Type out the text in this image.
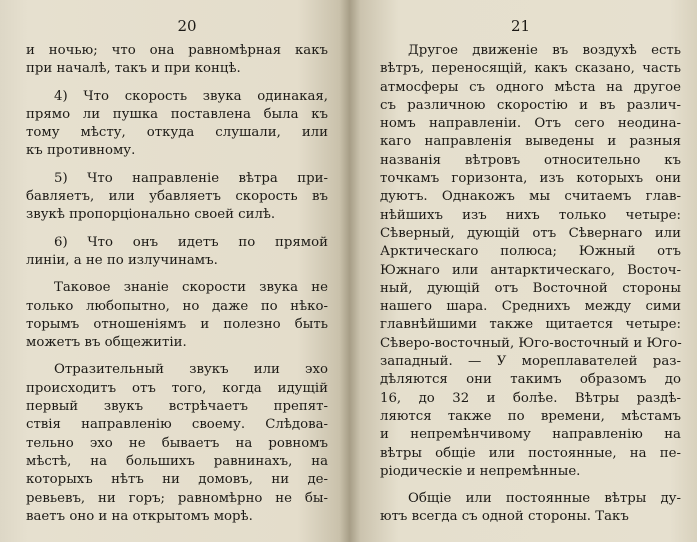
20
и ночью; что она равномѣрная какъ
при началѣ, такъ и при концѣ.
4) Что скорость звука одинакая,
прямо ли пушка поставлена была къ
тому мѣсту, откуда слушали, или
къ противному.
5) Что направленіе вѣтра при-
бавляетъ, или убавляетъ скорость въ
звукѣ пропорціонально своей силѣ.
6) Что онъ идетъ по прямой
линіи, а не по излучинамъ.
Таковое знаніе скорости звука не
только любопытно, но даже по нѣко-
торымъ отношеніямъ и полезно быть
можетъ въ общежитіи.
Отразительный звукъ или эхо
происходитъ отъ того, когда идущій
первый звукъ встрѣчаетъ препят-
ствія направленію своему. Слѣдова-
тельно эхо не бываетъ на ровномъ
мѣстѣ, на большихъ равнинахъ, на
которыхъ нѣтъ ни домовъ, ни де-
ревьевъ, ни горъ; равномѣрно не бы-
ваетъ оно и на открытомъ морѣ.
21
Другое движеніе въ воздухѣ есть
вѣтръ, переносящій, какъ сказано, часть
атмосферы съ одного мѣста на другое
съ различною скоростію и въ различ-
номъ направленіи. Отъ сего неодина-
каго направленія выведены и разныя
названія вѣтровъ относительно къ
точкамъ горизонта, изъ которыхъ они
дуютъ. Однакожъ мы считаемъ глав-
нѣйшихъ изъ нихъ только четыре:
Сѣверный, дующій отъ Сѣвернаго или
Арктическаго полюса; Южный отъ
Южнаго или антарктическаго, Восточ-
ный, дующій отъ Восточной стороны
нашего шара. Среднихъ между сими
главнѣйшими также щитается четыре:
Сѣверо-восточный, Юго-восточный и Юго-
западный. — У мореплавателей раз-
дѣляются они такимъ образомъ до
16, до 32 и болѣе. Вѣтры раздѣ-
ляются также по времени, мѣстамъ
и непремѣнчивому направленію на
вѣтры общіе или постоянные, на пе-
ріодическіе и непремѣнные.
Общіе или постоянные вѣтры ду-
ютъ всегда съ одной стороны. Такъ
